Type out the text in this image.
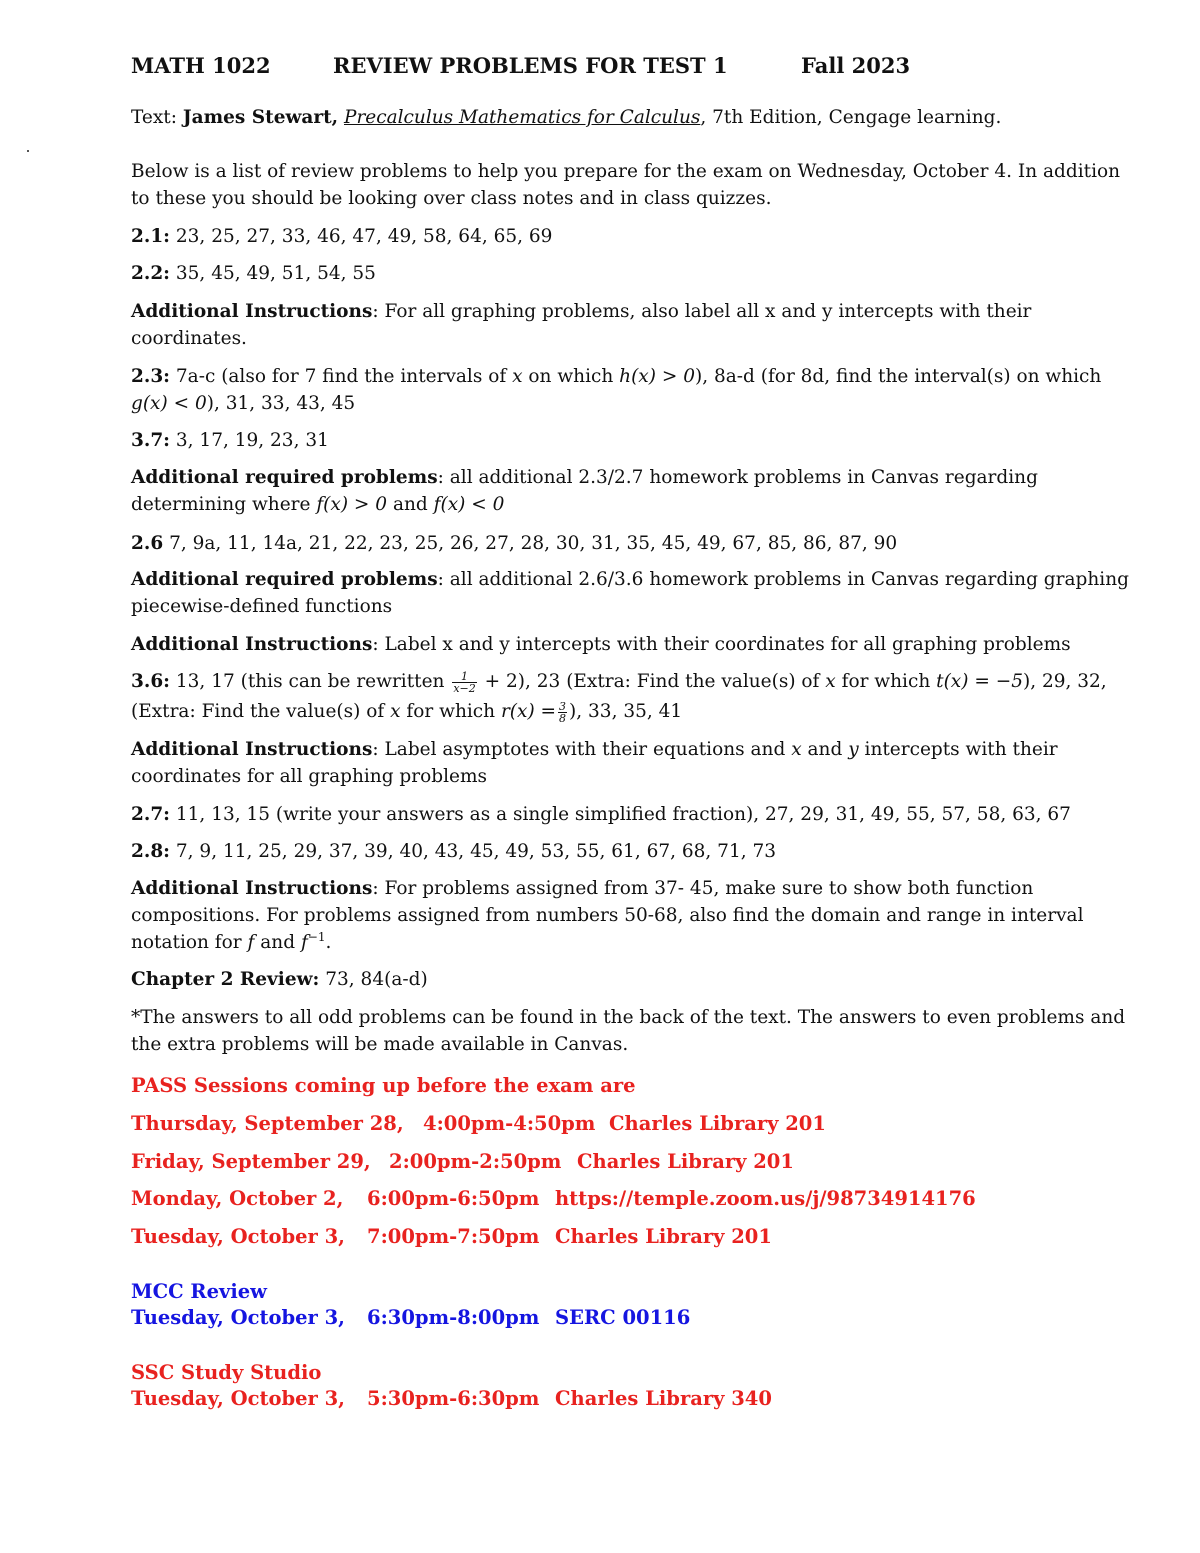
MATH 1022	REVIEW PROBLEMS FOR TEST 1	Fall 2023
Text: James Stewart, Precalculus Mathematics for Calculus, 7th Edition, Cengage learning.
Below is a list of review problems to help you prepare for the exam on Wednesday, October 4. In addition to these you should be looking over class notes and in class quizzes.
2.1: 23, 25, 27, 33, 46, 47, 49, 58, 64, 65, 69
2.2: 35, 45, 49, 51, 54, 55
Additional Instructions: For all graphing problems, also label all x and y intercepts with their coordinates.
2.3: 7a-c (also for 7 find the intervals of x on which h(x) > 0), 8a-d (for 8d, find the interval(s) on which g(x) < 0), 31, 33, 43, 45
3.7: 3, 17, 19, 23, 31
Additional required problems: all additional 2.3/2.7 homework problems in Canvas regarding determining where f(x) > 0 and f(x) < 0
2.6 7, 9a, 11, 14a, 21, 22, 23, 25, 26, 27, 28, 30, 31, 35, 45, 49, 67, 85, 86, 87, 90
Additional required problems: all additional 2.6/3.6 homework problems in Canvas regarding graphing piecewise-defined functions
Additional Instructions: Label x and y intercepts with their coordinates for all graphing problems
3.6: 13, 17 (this can be rewritten $\frac{1}{x-2} + 2$), 23 (Extra: Find the value(s) of x for which t(x) = −5), 29, 32, (Extra: Find the value(s) of x for which $r(x) = \frac{3}{8}$ ), 33, 35, 41
Additional Instructions: Label asymptotes with their equations and x and y intercepts with their coordinates for all graphing problems
2.7: 11, 13, 15 (write your answers as a single simplified fraction), 27, 29, 31, 49, 55, 57, 58, 63, 67
2.8: 7, 9, 11, 25, 29, 37, 39, 40, 43, 45, 49, 53, 55, 61, 67, 68, 71, 73
Additional Instructions: For problems assigned from 37- 45, make sure to show both function compositions. For problems assigned from numbers 50-68, also find the domain and range in interval notation for f and $f^{-1}$.
Chapter 2 Review: 73, 84(a-d)
*The answers to all odd problems can be found in the back of the text. The answers to even problems and the extra problems will be made available in Canvas.
PASS Sessions coming up before the exam are
Thursday, September 28, 4:00pm-4:50pm Charles Library 201
Friday, September 29, 2:00pm-2:50pm Charles Library 201
Monday, October 2, 6:00pm-6:50pm https://temple.zoom.us/j/98734914176
Tuesday, October 3, 7:00pm-7:50pm Charles Library 201
MCC Review
Tuesday, October 3, 6:30pm-8:00pm SERC 00116
SSC Study Studio
Tuesday, October 3, 5:30pm-6:30pm Charles Library 340
